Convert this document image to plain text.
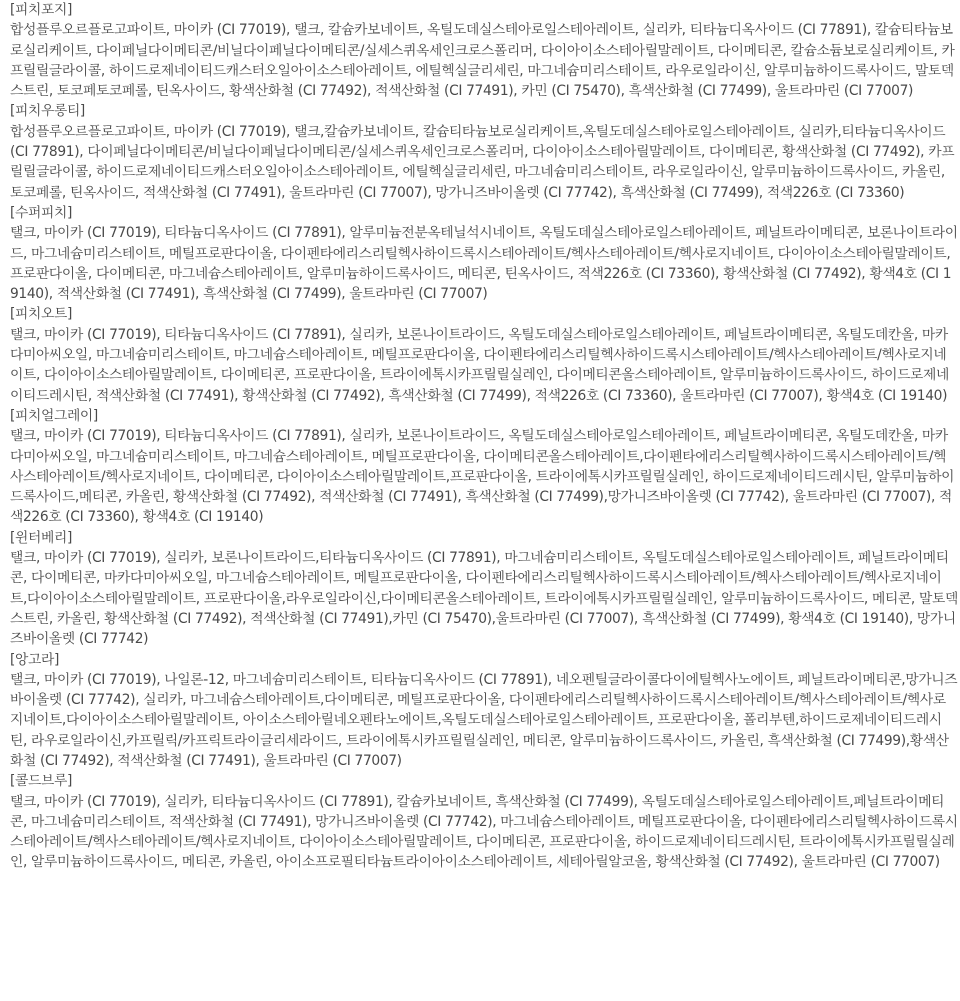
[피치포지]
합성플루오르플로고파이트, 마이카 (CI 77019), 탤크, 칼슘카보네이트, 옥틸도데실스테아로일스테아레이트, 실리카, 티타늄디옥사이드 (CI 77891), 칼슘티타늄보로실리케이트, 다이페닐다이메티콘/비닐다이페닐다이메티콘/실세스퀴옥세인크로스폴리머, 다이아이소스테아릴말레이트, 다이메티콘, 칼슘소듐보로실리케이트, 카프릴릴글라이콜, 하이드로제네이티드캐스터오일아이소스테아레이트, 에틸헥실글리세린, 마그네슘미리스테이트, 라우로일라이신, 알루미늄하이드록사이드, 말토덱스트린, 토코페토코페롤, 틴옥사이드, 황색산화철 (CI 77492), 적색산화철 (CI 77491), 카민 (CI 75470), 흑색산화철 (CI 77499), 울트라마린 (CI 77007)
[피치우롱티]
합성플루오르플로고파이트, 마이카 (CI 77019), 탤크,칼슘카보네이트, 칼슘티타늄보로실리케이트,옥틸도데실스테아로일스테아레이트, 실리카,티타늄디옥사이드 (CI 77891), 다이페닐다이메티콘/비닐다이페닐다이메티콘/실세스퀴옥세인크로스폴리머, 다이아이소스테아릴말레이트, 다이메티콘, 황색산화철 (CI 77492), 카프릴릴글라이콜, 하이드로제네이티드캐스터오일아이소스테아레이트, 에틸헥실글리세린, 마그네슘미리스테이트, 라우로일라이신, 알루미늄하이드록사이드, 카올린, 토코페롤, 틴옥사이드, 적색산화철 (CI 77491), 울트라마린 (CI 77007), 망가니즈바이올렛 (CI 77742), 흑색산화철 (CI 77499), 적색226호 (CI 73360)
[수퍼피치]
탤크, 마이카 (CI 77019), 티타늄디옥사이드 (CI 77891), 알루미늄전분옥테닐석시네이트, 옥틸도데실스테아로일스테아레이트, 페닐트라이메티콘, 보론나이트라이드, 마그네슘미리스테이트, 메틸프로판다이올, 다이펜타에리스리틸헥사하이드록시스테아레이트/헥사스테아레이트/헥사로지네이트, 다이아이소스테아릴말레이트, 프로판다이올, 다이메티콘, 마그네슘스테아레이트, 알루미늄하이드록사이드, 메티콘, 틴옥사이드, 적색226호 (CI 73360), 황색산화철 (CI 77492), 황색4호 (CI 19140), 적색산화철 (CI 77491), 흑색산화철 (CI 77499), 울트라마린 (CI 77007)
[피치오트]
탤크, 마이카 (CI 77019), 티타늄디옥사이드 (CI 77891), 실리카, 보론나이트라이드, 옥틸도데실스테아로일스테아레이트, 페닐트라이메티콘, 옥틸도데칸올, 마카다미아씨오일, 마그네슘미리스테이트, 마그네슘스테아레이트, 메틸프로판다이올, 다이펜타에리스리틸헥사하이드록시스테아레이트/헥사스테아레이트/헥사로지네이트, 다이아이소스테아릴말레이트, 다이메티콘, 프로판다이올, 트라이에톡시카프릴릴실레인, 다이메티콘올스테아레이트, 알루미늄하이드록사이드, 하이드로제네이티드레시틴, 적색산화철 (CI 77491), 황색산화철 (CI 77492), 흑색산화철 (CI 77499), 적색226호 (CI 73360), 울트라마린 (CI 77007), 황색4호 (CI 19140)
[피치얼그레이]
탤크, 마이카 (CI 77019), 티타늄디옥사이드 (CI 77891), 실리카, 보론나이트라이드, 옥틸도데실스테아로일스테아레이트, 페닐트라이메티콘, 옥틸도데칸올, 마카다미아씨오일, 마그네슘미리스테이트, 마그네슘스테아레이트, 메틸프로판다이올, 다이메티콘올스테아레이트,다이펜타에리스리틸헥사하이드록시스테아레이트/헥사스테아레이트/헥사로지네이트, 다이메티콘, 다이아이소스테아릴말레이트,프로판다이올, 트라이에톡시카프릴릴실레인, 하이드로제네이티드레시틴, 알루미늄하이드록사이드,메티콘, 카올린, 황색산화철 (CI 77492), 적색산화철 (CI 77491), 흑색산화철 (CI 77499),망가니즈바이올렛 (CI 77742), 울트라마린 (CI 77007), 적색226호 (CI 73360), 황색4호 (CI 19140)
[윈터베리]
탤크, 마이카 (CI 77019), 실리카, 보론나이트라이드,티타늄디옥사이드 (CI 77891), 마그네슘미리스테이트, 옥틸도데실스테아로일스테아레이트, 페닐트라이메티콘, 다이메티콘, 마카다미아씨오일, 마그네슘스테아레이트, 메틸프로판다이올, 다이펜타에리스리틸헥사하이드록시스테아레이트/헥사스테아레이트/헥사로지네이트,다이아이소스테아릴말레이트, 프로판다이올,라우로일라이신,다이메티콘올스테아레이트, 트라이에톡시카프릴릴실레인, 알루미늄하이드록사이드, 메티콘, 말토덱스트린, 카올린, 황색산화철 (CI 77492), 적색산화철 (CI 77491),카민 (CI 75470),울트라마린 (CI 77007), 흑색산화철 (CI 77499), 황색4호 (CI 19140), 망가니즈바이올렛 (CI 77742)
[앙고라]
탤크, 마이카 (CI 77019), 나일론-12, 마그네슘미리스테이트, 티타늄디옥사이드 (CI 77891), 네오펜틸글라이콜다이에틸헥사노에이트, 페닐트라이메티콘,망가니즈바이올렛 (CI 77742), 실리카, 마그네슘스테아레이트,다이메티콘, 메틸프로판다이올, 다이펜타에리스리틸헥사하이드록시스테아레이트/헥사스테아레이트/헥사로지네이트,다이아이소스테아릴말레이트, 아이소스테아릴네오펜타노에이트,옥틸도데실스테아로일스테아레이트, 프로판다이올, 폴리부텐,하이드로제네이티드레시틴, 라우로일라이신,카프릴릭/카프릭트라이글리세라이드, 트라이에톡시카프릴릴실레인, 메티콘, 알루미늄하이드록사이드, 카올린, 흑색산화철 (CI 77499),황색산화철 (CI 77492), 적색산화철 (CI 77491), 울트라마린 (CI 77007)
[콜드브루]
탤크, 마이카 (CI 77019), 실리카, 티타늄디옥사이드 (CI 77891), 칼슘카보네이트, 흑색산화철 (CI 77499), 옥틸도데실스테아로일스테아레이트,페닐트라이메티콘, 마그네슘미리스테이트, 적색산화철 (CI 77491), 망가니즈바이올렛 (CI 77742), 마그네슘스테아레이트, 메틸프로판다이올, 다이펜타에리스리틸헥사하이드록시스테아레이트/헥사스테아레이트/헥사로지네이트, 다이아이소스테아릴말레이트, 다이메티콘, 프로판다이올, 하이드로제네이티드레시틴, 트라이에톡시카프릴릴실레인, 알루미늄하이드록사이드, 메티콘, 카올린, 아이소프로필티타늄트라이아이소스테아레이트, 세테아릴알코올, 황색산화철 (CI 77492), 울트라마린 (CI 77007)
